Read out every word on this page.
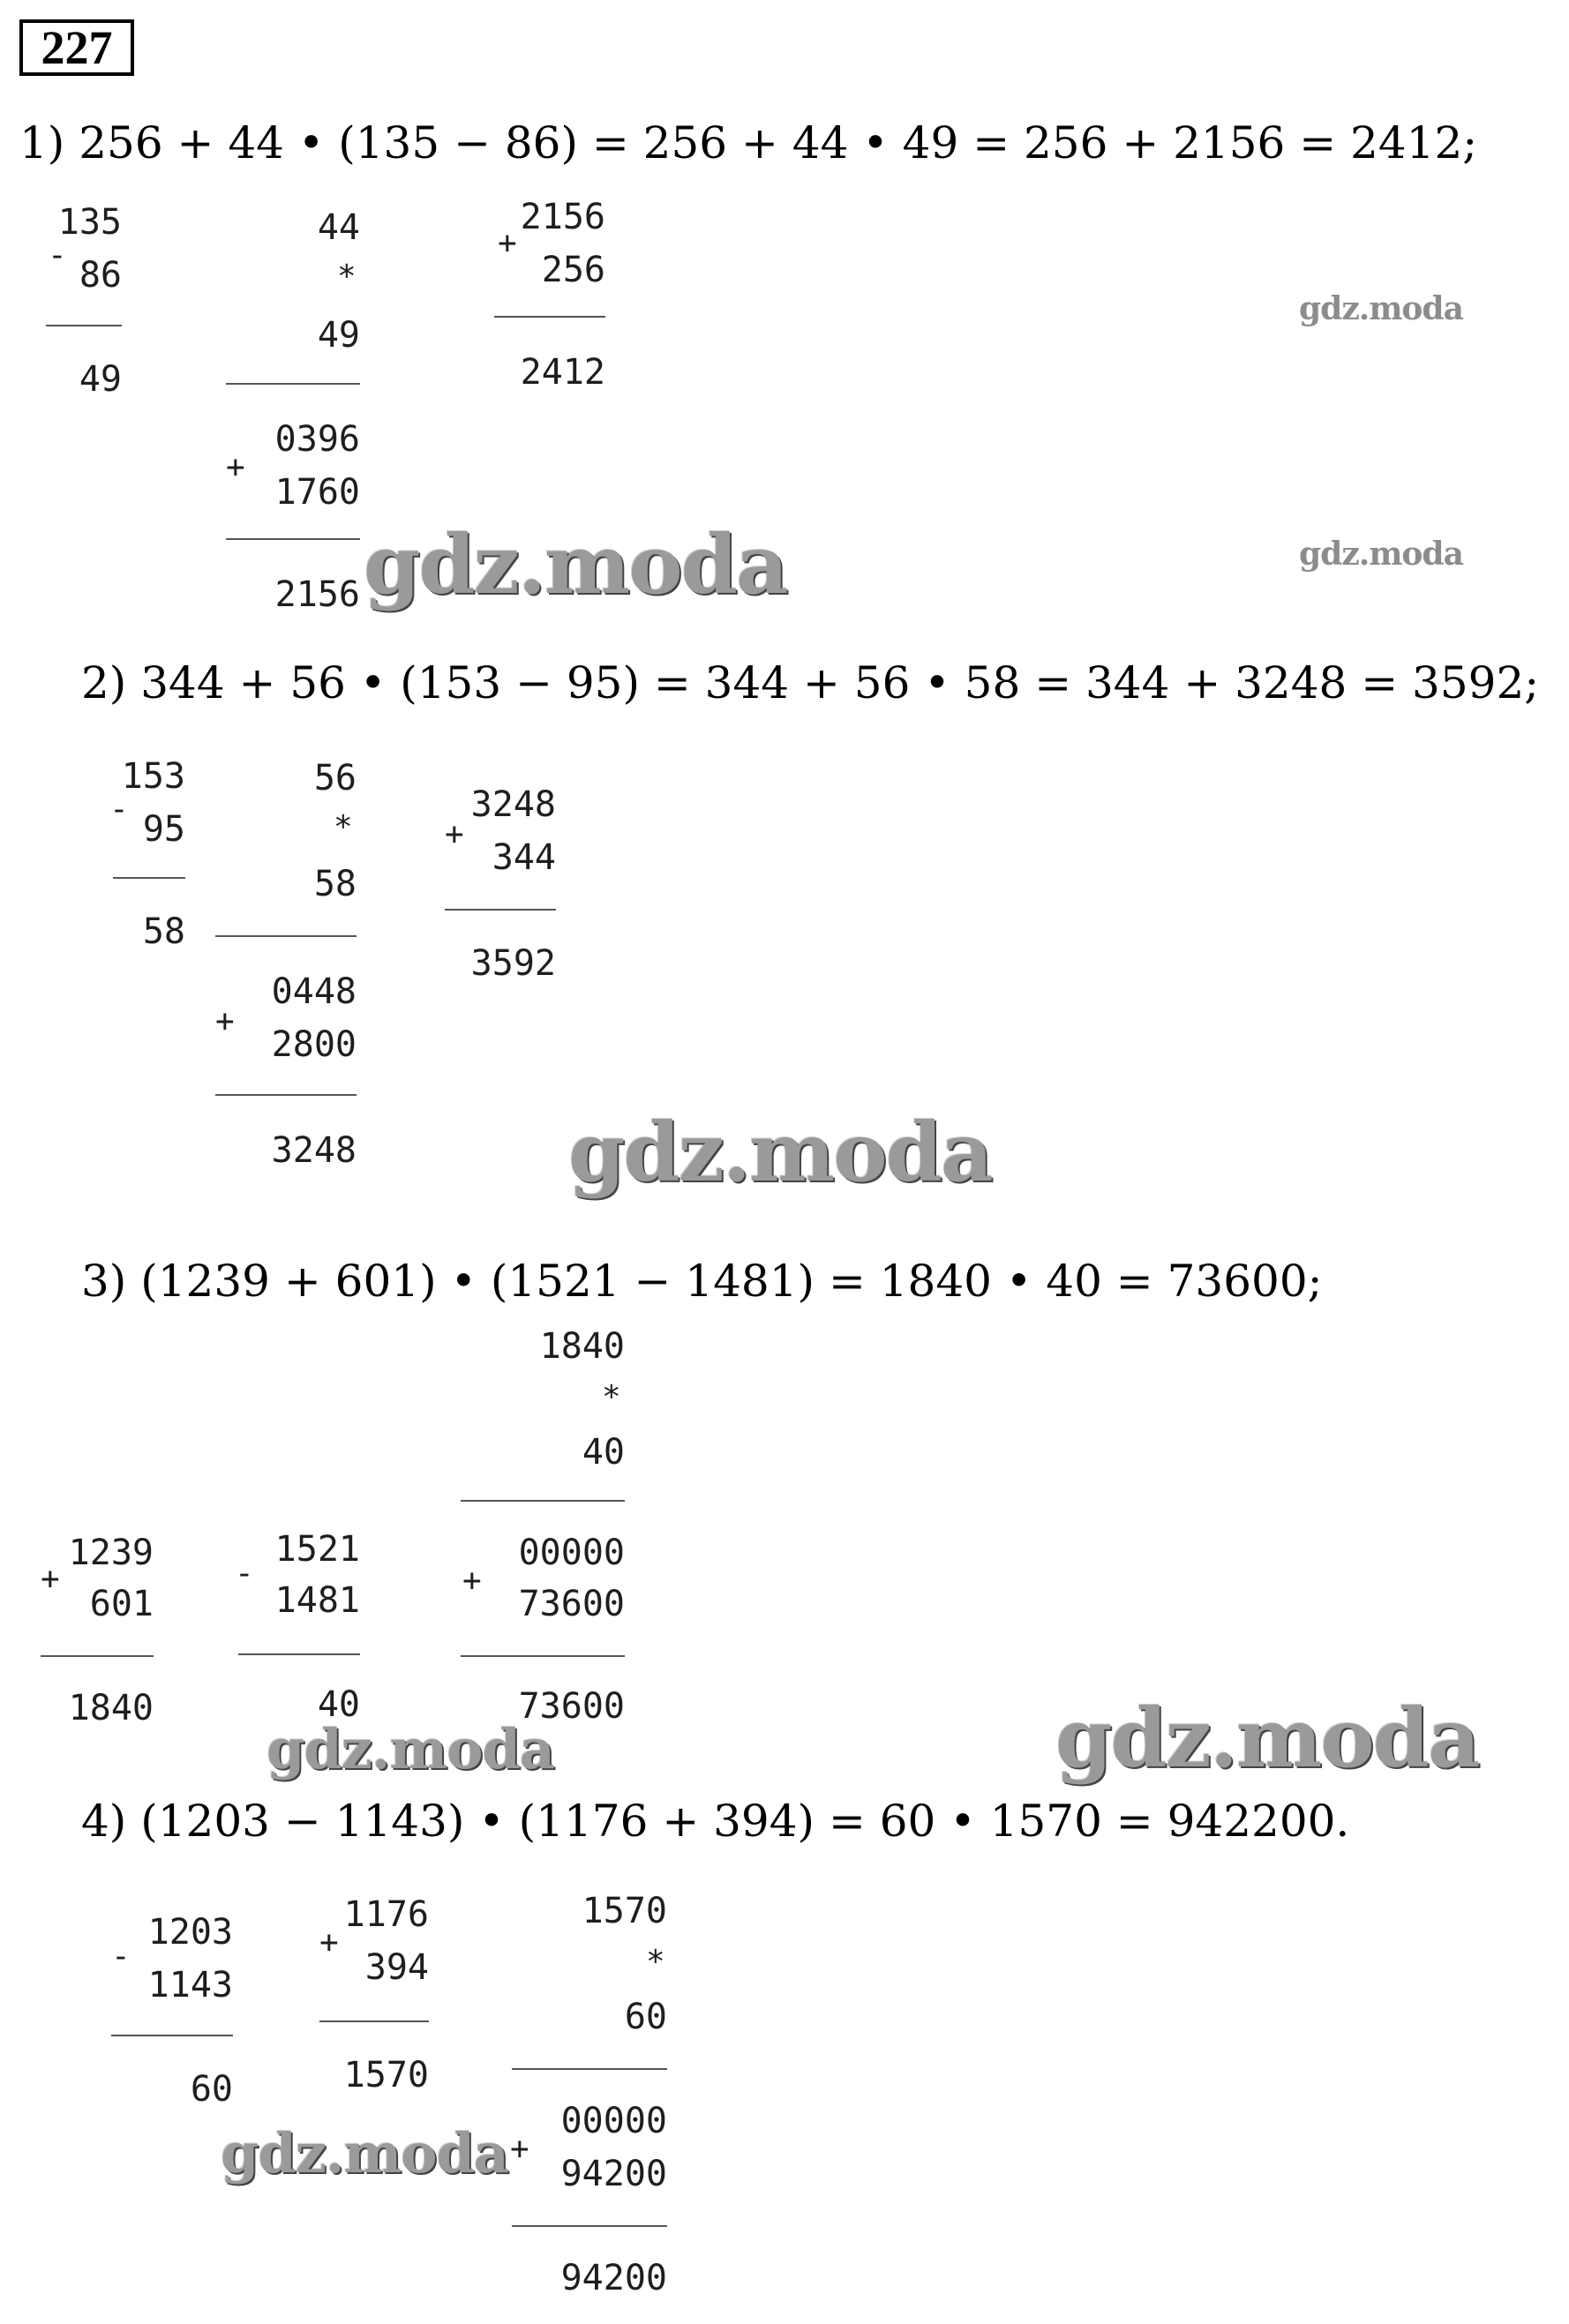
227
1) 256 + 44 • (135 − 86) = 256 + 44 • 49 = 256 + 2156 = 2412;
135
- 86
49
44
*
49
0396
+
1760
2156
+
2156
256
2412
gdz.moda
gdz.moda	gdz.moda
2) 344 + 56 • (153 − 95) = 344 + 56 • 58 = 344 + 3248 = 3592;
153
- 95
58
56
*
58
0448
+
2800
3248
3248
+
344
3592
gdz.moda
3) (1239 + 601) • (1521 − 1481) = 1840 • 40 = 73600;
1840
*
40
00000
+
73600
73600
1239
+
601
1840
1521
-
1481
40
gdz.moda	gdz.moda
4) (1203 − 1143) • (1176 + 394) = 60 • 1570 = 942200.
1203
-
1143
60
1176
+
394
1570
1570
*
60
00000
+
94200
94200
gdz.moda
